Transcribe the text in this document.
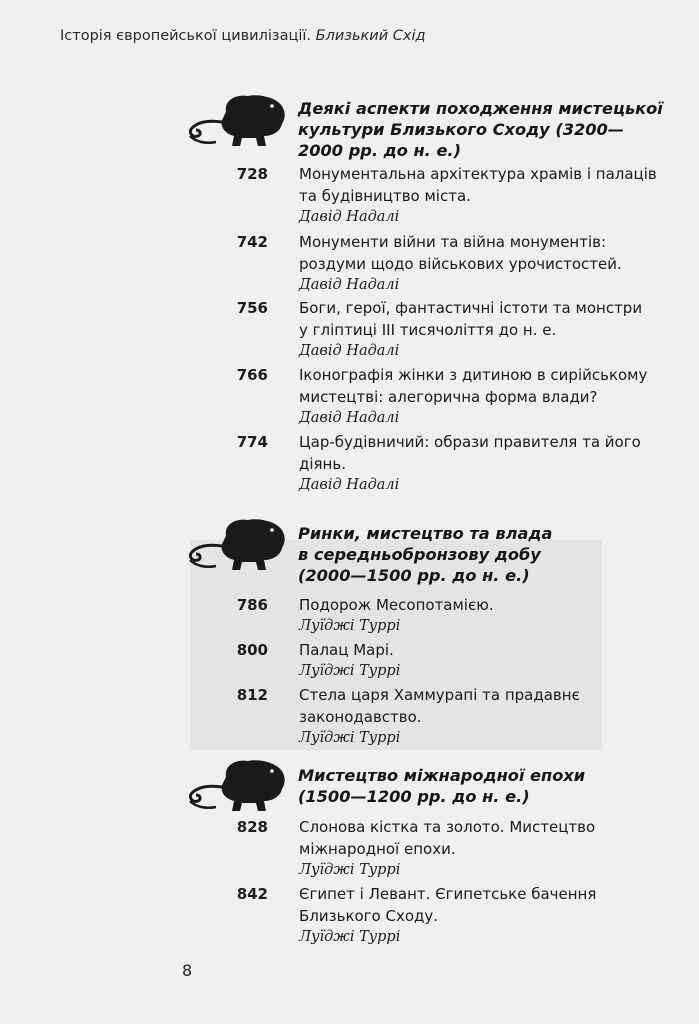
Історія європейської цивилізації. Близький Схід
Деякі аспекти походження мистецької
культури Близького Сходу (3200—
2000 рр. до н. е.)
728 Монументальна архітектура храмів і палаців
та будівництво міста.
Давід Надалі
742 Монументи війни та війна монументів:
роздуми щодо військових урочистостей.
Давід Надалі
756 Боги, герої, фантастичні істоти та монстри
у гліптиці ІІІ тисячоліття до н. е.
Давід Надалі
766 Іконографія жінки з дитиною в сирійському
мистецтві: алегорична форма влади?
Давід Надалі
774 Цар-будівничий: образи правителя та його
діянь.
Давід Надалі
Ринки, мистецтво та влада
в середньобронзову добу
(2000—1500 рр. до н. е.)
786 Подорож Месопотамією.
Луїджі Туррі
800 Палац Марі.
Луїджі Туррі
812 Стела царя Хаммурапі та прадавнє
законодавство.
Луїджі Туррі
Мистецтво міжнародної епохи
(1500—1200 рр. до н. е.)
828 Слонова кістка та золото. Мистецтво
міжнародної епохи.
Луїджі Туррі
842 Єгипет і Левант. Єгипетське бачення
Близького Сходу.
Луїджі Туррі
8
